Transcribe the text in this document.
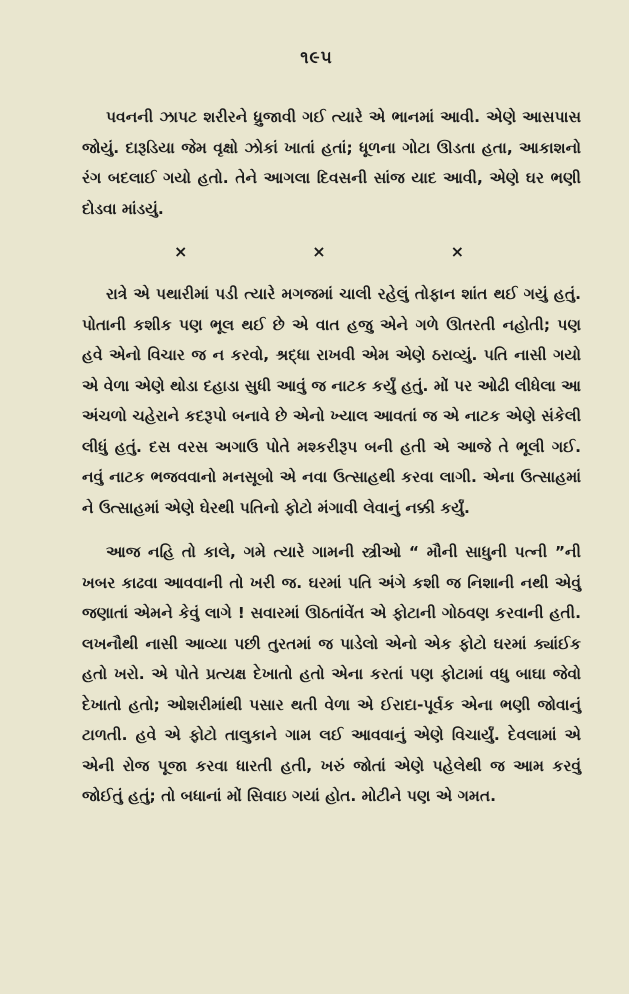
૧૯૫

પવનની ઝાપટ શરીરને ધ્રુજાવી ગઈ ત્યારે એ ભાનમાં આવી. એણે આસપાસ જોયું. દારૂડિયા જેમ વૃક્ષો ઝોકાં ખાતાં હતાં; ધૂળના ગોટા ઊડતા હતા, આકાશનો રંગ બદલાઈ ગયો હતો. તેને આગલા દિવસની સાંજ યાદ આવી, એણે ઘર ભણી દોડવા માંડયું.

×	×	×

રાત્રે એ પથારીમાં પડી ત્યારે મગજમાં ચાલી રહેલું તોફાન શાંત થઈ ગયું હતું. પોતાની કશીક પણ ભૂલ થઈ છે એ વાત હજુ એને ગળે ઊતરતી નહોતી; પણ હવે એનો વિચાર જ ન કરવો, શ્રદ્ધા રાખવી એમ એણે ઠરાવ્યું. પતિ નાસી ગયો એ વેળા એણે થોડા દહાડા સુધી આવું જ નાટક કર્યું હતું. મોં પર ઓઢી લીધેલા આ અંચળો ચહેરાને કદરૂપો બનાવે છે એનો ખ્યાલ આવતાં જ એ નાટક એણે સંકેલી લીધું હતું. દસ વરસ અગાઉ પોતે મશ્કરીરૂપ બની હતી એ આજે તે ભૂલી ગઈ. નવું નાટક ભજવવાનો મનસૂબો એ નવા ઉત્સાહથી કરવા લાગી. એના ઉત્સાહમાં ને ઉત્સાહમાં એણે ઘેરથી પતિનો ફોટો મંગાવી લેવાનું નક્કી કર્યું.

આજ નહિ તો કાલે, ગમે ત્યારે ગામની સ્ત્રીઓ “ મૌની સાધુની પત્ની ”ની ખબર કાઢવા આવવાની તો ખરી જ. ઘરમાં પતિ અંગે કશી જ નિશાની નથી એવું જણાતાં એમને કેવું લાગે ! સવારમાં ઊઠતાંવેંત એ ફોટાની ગોઠવણ કરવાની હતી. લખનૌથી નાસી આવ્યા પછી તુરતમાં જ પાડેલો એનો એક ફોટો ઘરમાં ક્યાંઈક હતો ખરો. એ પોતે પ્રત્યક્ષ દેખાતો હતો એના કરતાં પણ ફોટામાં વધુ બાઘા જેવો દેખાતો હતો; ઓશરીમાંથી પસાર થતી વેળા એ ઈરાદા-પૂર્વક એના ભણી જોવાનું ટાળતી. હવે એ ફોટો તાલુકાને ગામ લઈ આવવાનું એણે વિચાર્યું. દેવલામાં એ એની રોજ પૂજા કરવા ધારતી હતી, ખરું જોતાં એણે પહેલેથી જ આમ કરવું જોઈતું હતું; તો બધાનાં મોં સિવાઇ ગયાં હોત. મોટીને પણ એ ગમત.
